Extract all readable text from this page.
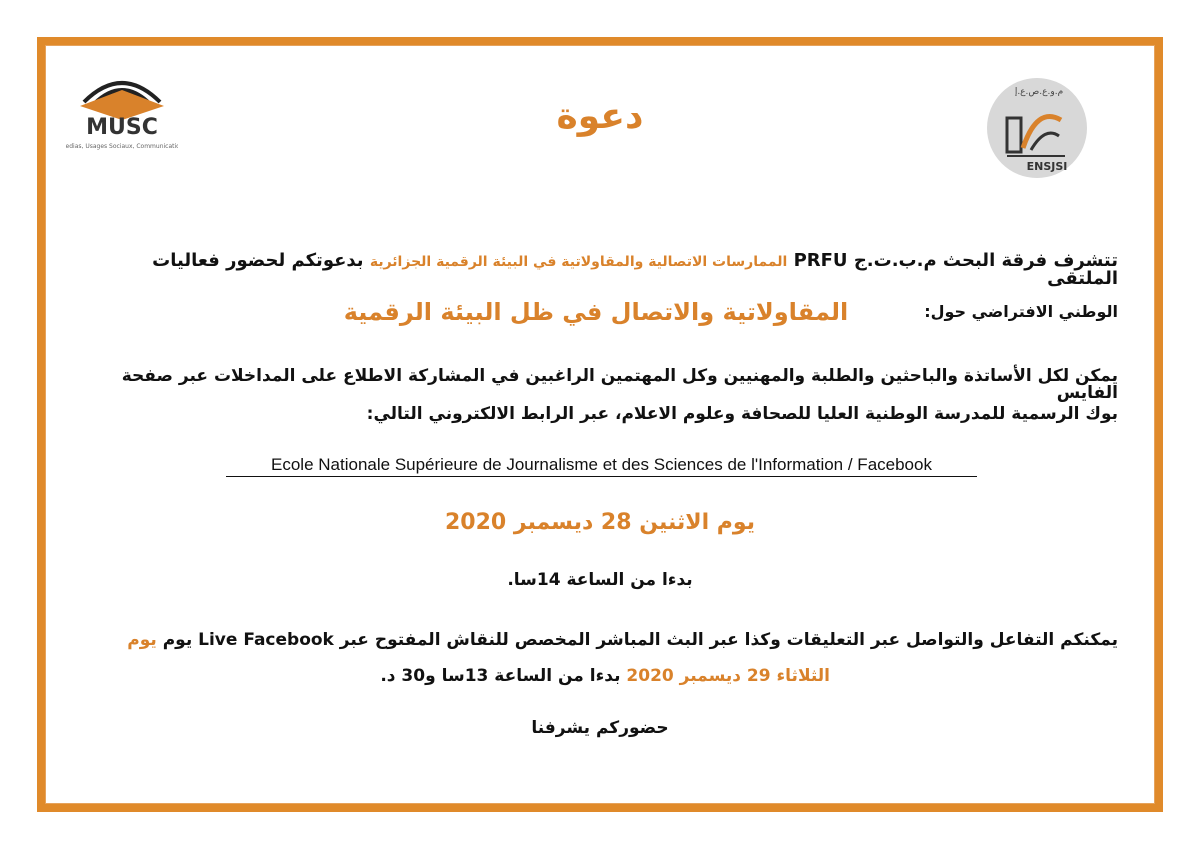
MUSC
Medias, Usages Sociaux, Communication
م.و.ع.ص.ع.إ
ENSJSI
دعوة
تتشرف فرقة البحث م.ب.ت.ج PRFU الممارسات الاتصالية والمقاولاتية في البيئة الرقمية الجزائرية بدعوتكم لحضور فعاليات الملتقى
الوطني الافتراضي حول: المقاولاتية والاتصال في ظل البيئة الرقمية
يمكن لكل الأساتذة والباحثين والطلبة والمهنيين وكل المهتمين الراغبين في المشاركة الاطلاع على المداخلات عبر صفحة الفايس
بوك الرسمية للمدرسة الوطنية العليا للصحافة وعلوم الاعلام، عبر الرابط الالكتروني التالي:
Ecole Nationale Supérieure de Journalisme et des Sciences de l'Information / Facebook
يوم الاثنين 28 ديسمبر 2020
بدءا من الساعة 14سا.
يمكنكم التفاعل والتواصل عبر التعليقات وكذا عبر البث المباشر المخصص للنقاش المفتوح عبر Live Facebook يوم يوم
الثلاثاء 29 ديسمبر 2020 بدءا من الساعة 13سا و30 د.
حضوركم يشرفنا
